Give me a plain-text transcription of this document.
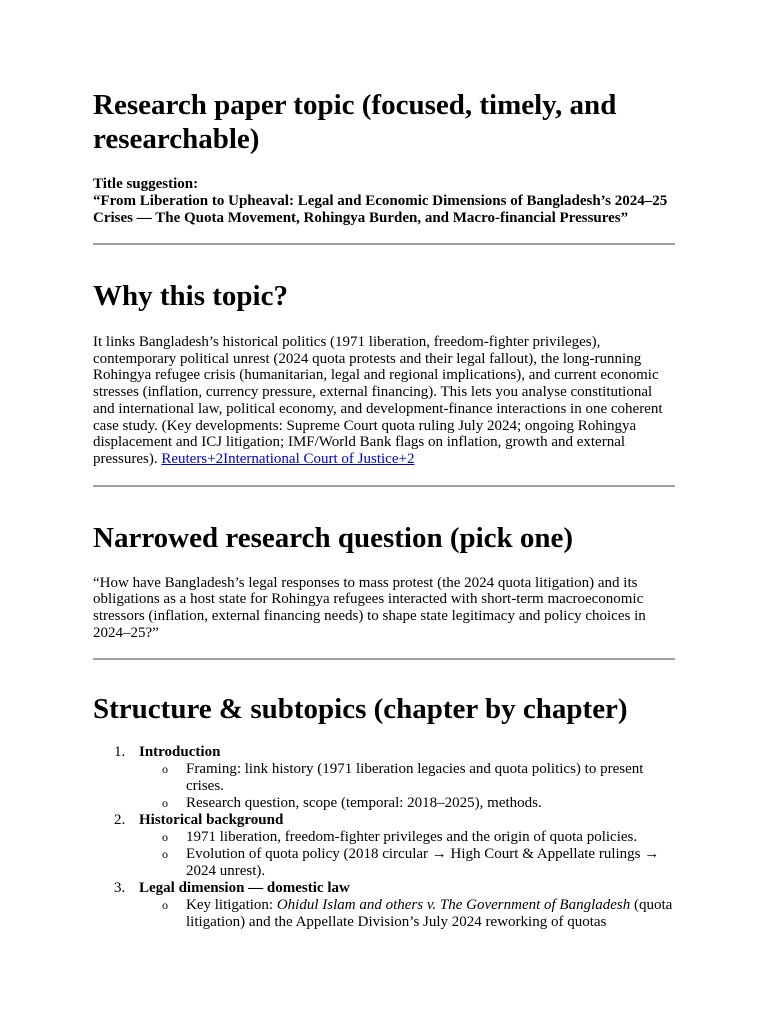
Research paper topic (focused, timely, and researchable)
Title suggestion:
“From Liberation to Upheaval: Legal and Economic Dimensions of Bangladesh’s 2024–25 Crises — The Quota Movement, Rohingya Burden, and Macro-financial Pressures”
Why this topic?

It links Bangladesh’s historical politics (1971 liberation, freedom-fighter privileges), contemporary political unrest (2024 quota protests and their legal fallout), the long-running Rohingya refugee crisis (humanitarian, legal and regional implications), and current economic stresses (inflation, currency pressure, external financing). This lets you analyse constitutional and international law, political economy, and development-finance interactions in one coherent case study. (Key developments: Supreme Court quota ruling July 2024; ongoing Rohingya displacement and ICJ litigation; IMF/World Bank flags on inflation, growth and external pressures). Reuters+2International Court of Justice+2

Narrowed research question (pick one)

“How have Bangladesh’s legal responses to mass protest (the 2024 quota litigation) and its obligations as a host state for Rohingya refugees interacted with short-term macroeconomic stressors (inflation, external financing needs) to shape state legitimacy and policy choices in 2024–25?”

Structure & subtopics (chapter by chapter)
1. Introduction
o Framing: link history (1971 liberation legacies and quota politics) to present crises.
o Research question, scope (temporal: 2018–2025), methods.
2. Historical background
o 1971 liberation, freedom-fighter privileges and the origin of quota policies.
o Evolution of quota policy (2018 circular → High Court & Appellate rulings → 2024 unrest).
3. Legal dimension — domestic law
o Key litigation: Ohidul Islam and others v. The Government of Bangladesh (quota litigation) and the Appellate Division’s July 2024 reworking of quotas
